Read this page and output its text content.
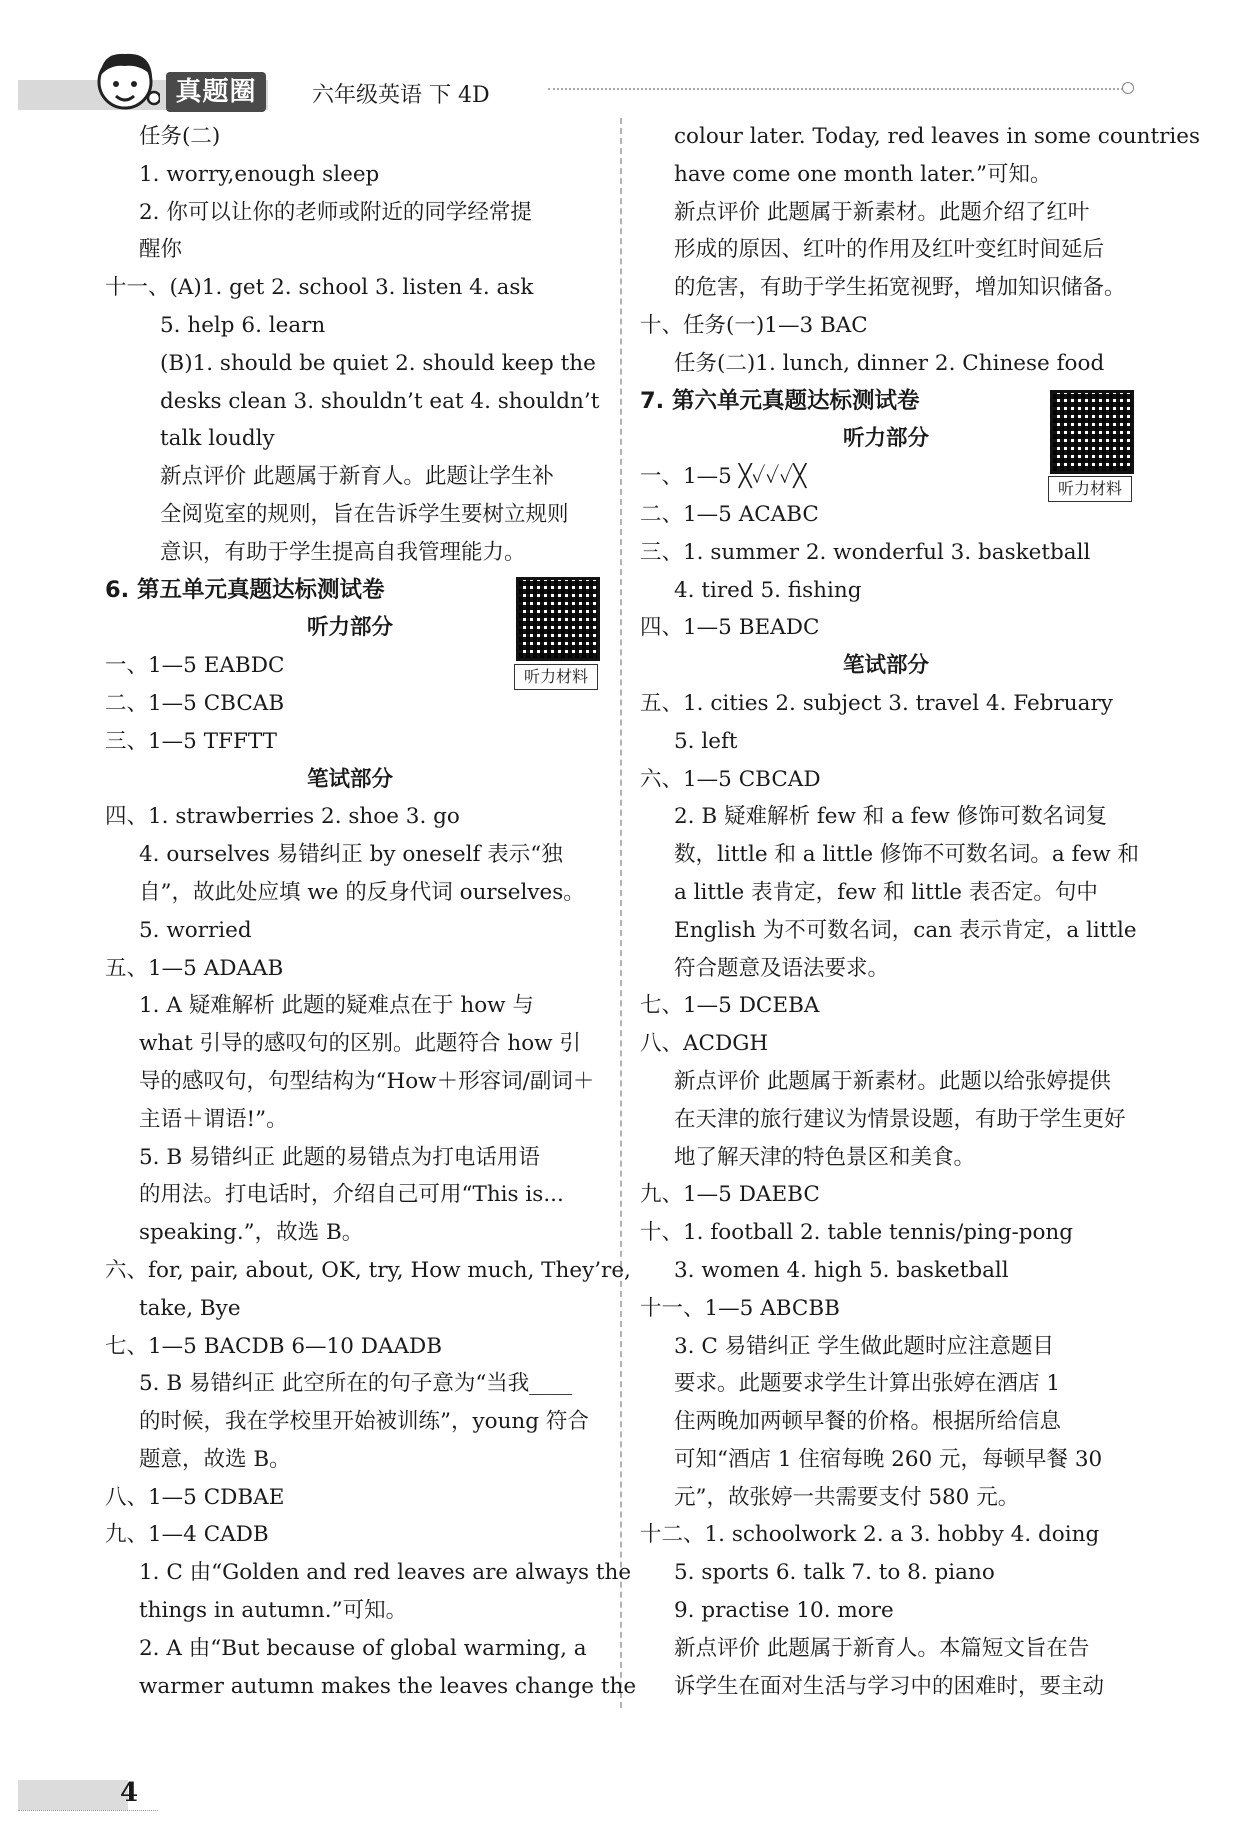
真题圈	六年级英语 下 4D
任务(二)
1. worry,enough sleep
2. 你可以让你的老师或附近的同学经常提
醒你
十一、(A)1. get 2. school 3. listen 4. ask
5. help 6. learn
(B)1. should be quiet 2. should keep the
desks clean 3. shouldn’t eat 4. shouldn’t
talk loudly
新点评价 此题属于新育人。此题让学生补
全阅览室的规则，旨在告诉学生要树立规则
意识，有助于学生提高自我管理能力。
6. 第五单元真题达标测试卷
听力部分
一、1—5 EABDC
二、1—5 CBCAB
三、1—5 TFFTT
笔试部分
四、1. strawberries 2. shoe 3. go
4. ourselves 易错纠正 by oneself 表示“独
自”，故此处应填 we 的反身代词 ourselves。
5. worried
五、1—5 ADAAB
1. A 疑难解析 此题的疑难点在于 how 与
what 引导的感叹句的区别。此题符合 how 引
导的感叹句，句型结构为“How＋形容词/副词＋
主语＋谓语!”。
5. B 易错纠正 此题的易错点为打电话用语
的用法。打电话时，介绍自己可用“This is...
speaking.”，故选 B。
六、for, pair, about, OK, try, How much, They’re,
take, Bye
七、1—5 BACDB 6—10 DAADB
5. B 易错纠正 此空所在的句子意为“当我____
的时候，我在学校里开始被训练”，young 符合
题意，故选 B。
八、1—5 CDBAE
九、1—4 CADB
1. C 由“Golden and red leaves are always the
things in autumn.”可知。
2. A 由“But because of global warming, a
warmer autumn makes the leaves change the
听力材料
colour later. Today, red leaves in some countries
have come one month later.”可知。
新点评价 此题属于新素材。此题介绍了红叶
形成的原因、红叶的作用及红叶变红时间延后
的危害，有助于学生拓宽视野，增加知识储备。
十、任务(一)1—3 BAC
任务(二)1. lunch, dinner 2. Chinese food
7. 第六单元真题达标测试卷
听力部分
一、1—5 ╳✓✓✓╳
二、1—5 ACABC
三、1. summer 2. wonderful 3. basketball
4. tired 5. fishing
四、1—5 BEADC
笔试部分
五、1. cities 2. subject 3. travel 4. February
5. left
六、1—5 CBCAD
2. B 疑难解析 few 和 a few 修饰可数名词复
数，little 和 a little 修饰不可数名词。a few 和
a little 表肯定，few 和 little 表否定。句中
English 为不可数名词，can 表示肯定，a little
符合题意及语法要求。
七、1—5 DCEBA
八、ACDGH
新点评价 此题属于新素材。此题以给张婷提供
在天津的旅行建议为情景设题，有助于学生更好
地了解天津的特色景区和美食。
九、1—5 DAEBC
十、1. football 2. table tennis/ping-pong
3. women 4. high 5. basketball
十一、1—5 ABCBB
3. C 易错纠正 学生做此题时应注意题目
要求。此题要求学生计算出张婷在酒店 1
住两晚加两顿早餐的价格。根据所给信息
可知“酒店 1 住宿每晚 260 元，每顿早餐 30
元”，故张婷一共需要支付 580 元。
十二、1. schoolwork 2. a 3. hobby 4. doing
5. sports 6. talk 7. to 8. piano
9. practise 10. more
新点评价 此题属于新育人。本篇短文旨在告
诉学生在面对生活与学习中的困难时，要主动
听力材料
4
